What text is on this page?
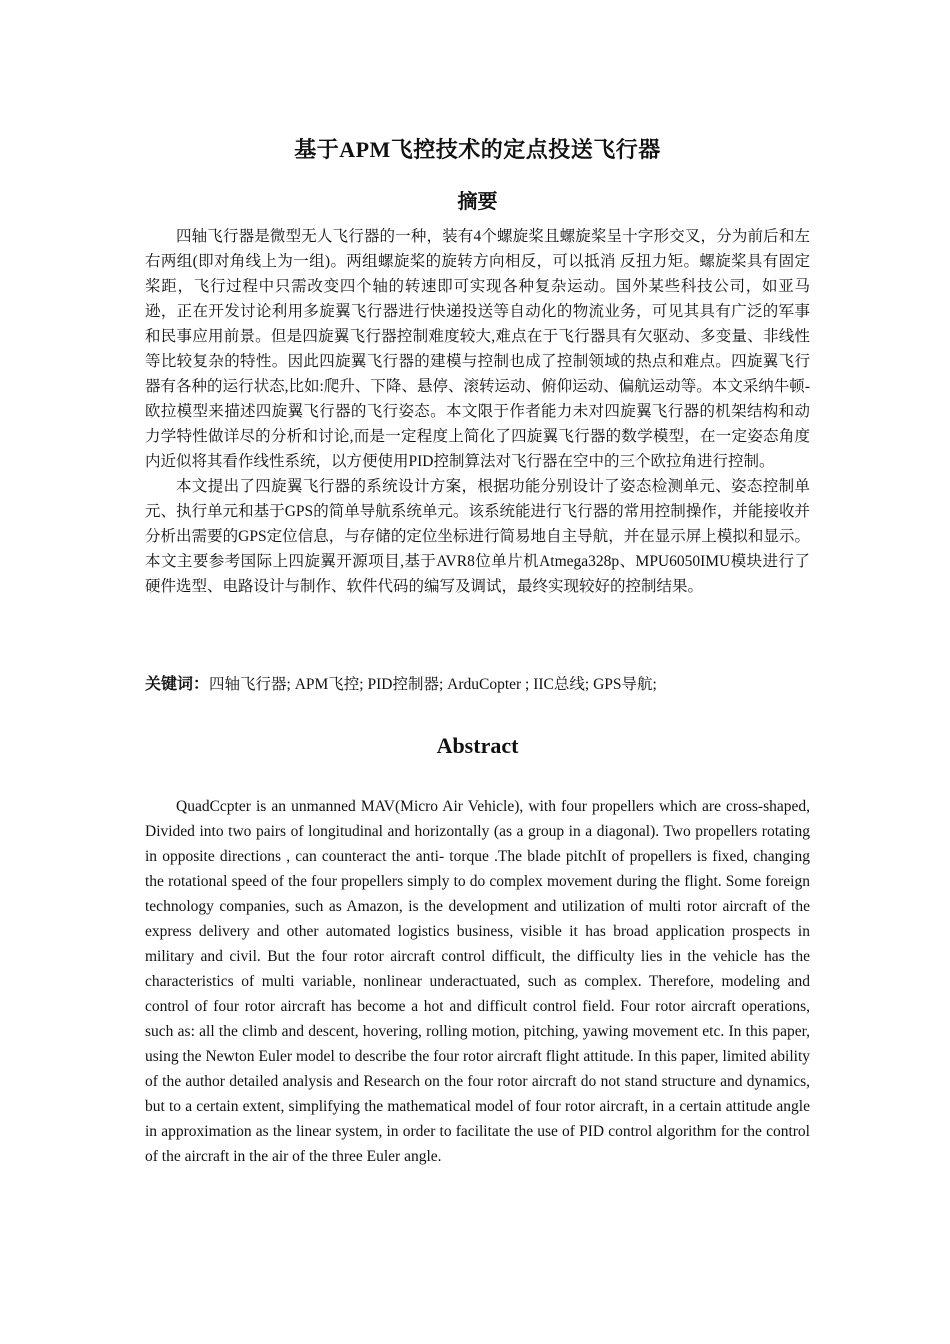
基于APM飞控技术的定点投送飞行器
摘要

四轴飞行器是微型无人飞行器的一种，装有4个螺旋桨且螺旋桨呈十字形交叉，分为前后和左右两组(即对角线上为一组)。两组螺旋桨的旋转方向相反，可以抵消 反扭力矩。螺旋桨具有固定桨距，飞行过程中只需改变四个轴的转速即可实现各种复杂运动。国外某些科技公司，如亚马逊，正在开发讨论利用多旋翼飞行器进行快递投送等自动化的物流业务，可见其具有广泛的军事和民事应用前景。但是四旋翼飞行器控制难度较大,难点在于飞行器具有欠驱动、多变量、非线性等比较复杂的特性。因此四旋翼飞行器的建模与控制也成了控制领域的热点和难点。四旋翼飞行器有各种的运行状态,比如:爬升、下降、悬停、滚转运动、俯仰运动、偏航运动等。本文采纳牛顿-欧拉模型来描述四旋翼飞行器的飞行姿态。本文限于作者能力未对四旋翼飞行器的机架结构和动力学特性做详尽的分析和讨论,而是一定程度上简化了四旋翼飞行器的数学模型，在一定姿态角度内近似将其看作线性系统，以方便使用PID控制算法对飞行器在空中的三个欧拉角进行控制。

本文提出了四旋翼飞行器的系统设计方案，根据功能分别设计了姿态检测单元、姿态控制单元、执行单元和基于GPS的简单导航系统单元。该系统能进行飞行器的常用控制操作，并能接收并分析出需要的GPS定位信息，与存储的定位坐标进行简易地自主导航，并在显示屏上模拟和显示。本文主要参考国际上四旋翼开源项目,基于AVR8位单片机Atmega328p、MPU6050IMU模块进行了硬件选型、电路设计与制作、软件代码的编写及调试，最终实现较好的控制结果。

关键词：四轴飞行器; APM飞控; PID控制器; ArduCopter ; IIC总线; GPS导航;
Abstract

QuadCcpter is an unmanned MAV(Micro Air Vehicle), with four propellers which are cross-shaped, Divided into two pairs of longitudinal and horizontally (as a group in a diagonal). Two propellers rotating in opposite directions , can counteract the anti- torque .The blade pitchIt of propellers is fixed, changing the rotational speed of the four propellers simply to do complex movement during the flight. Some foreign technology companies, such as Amazon, is the development and utilization of multi rotor aircraft of the express delivery and other automated logistics business, visible it has broad application prospects in military and civil. But the four rotor aircraft control difficult, the difficulty lies in the vehicle has the characteristics of multi variable, nonlinear underactuated, such as complex. Therefore, modeling and control of four rotor aircraft has become a hot and difficult control field. Four rotor aircraft operations, such as: all the climb and descent, hovering, rolling motion, pitching, yawing movement etc. In this paper, using the Newton Euler model to describe the four rotor aircraft flight attitude. In this paper, limited ability of the author detailed analysis and Research on the four rotor aircraft do not stand structure and dynamics, but to a certain extent, simplifying the mathematical model of four rotor aircraft, in a certain attitude angle in approximation as the linear system, in order to facilitate the use of PID control algorithm for the control of the aircraft in the air of the three Euler angle.
